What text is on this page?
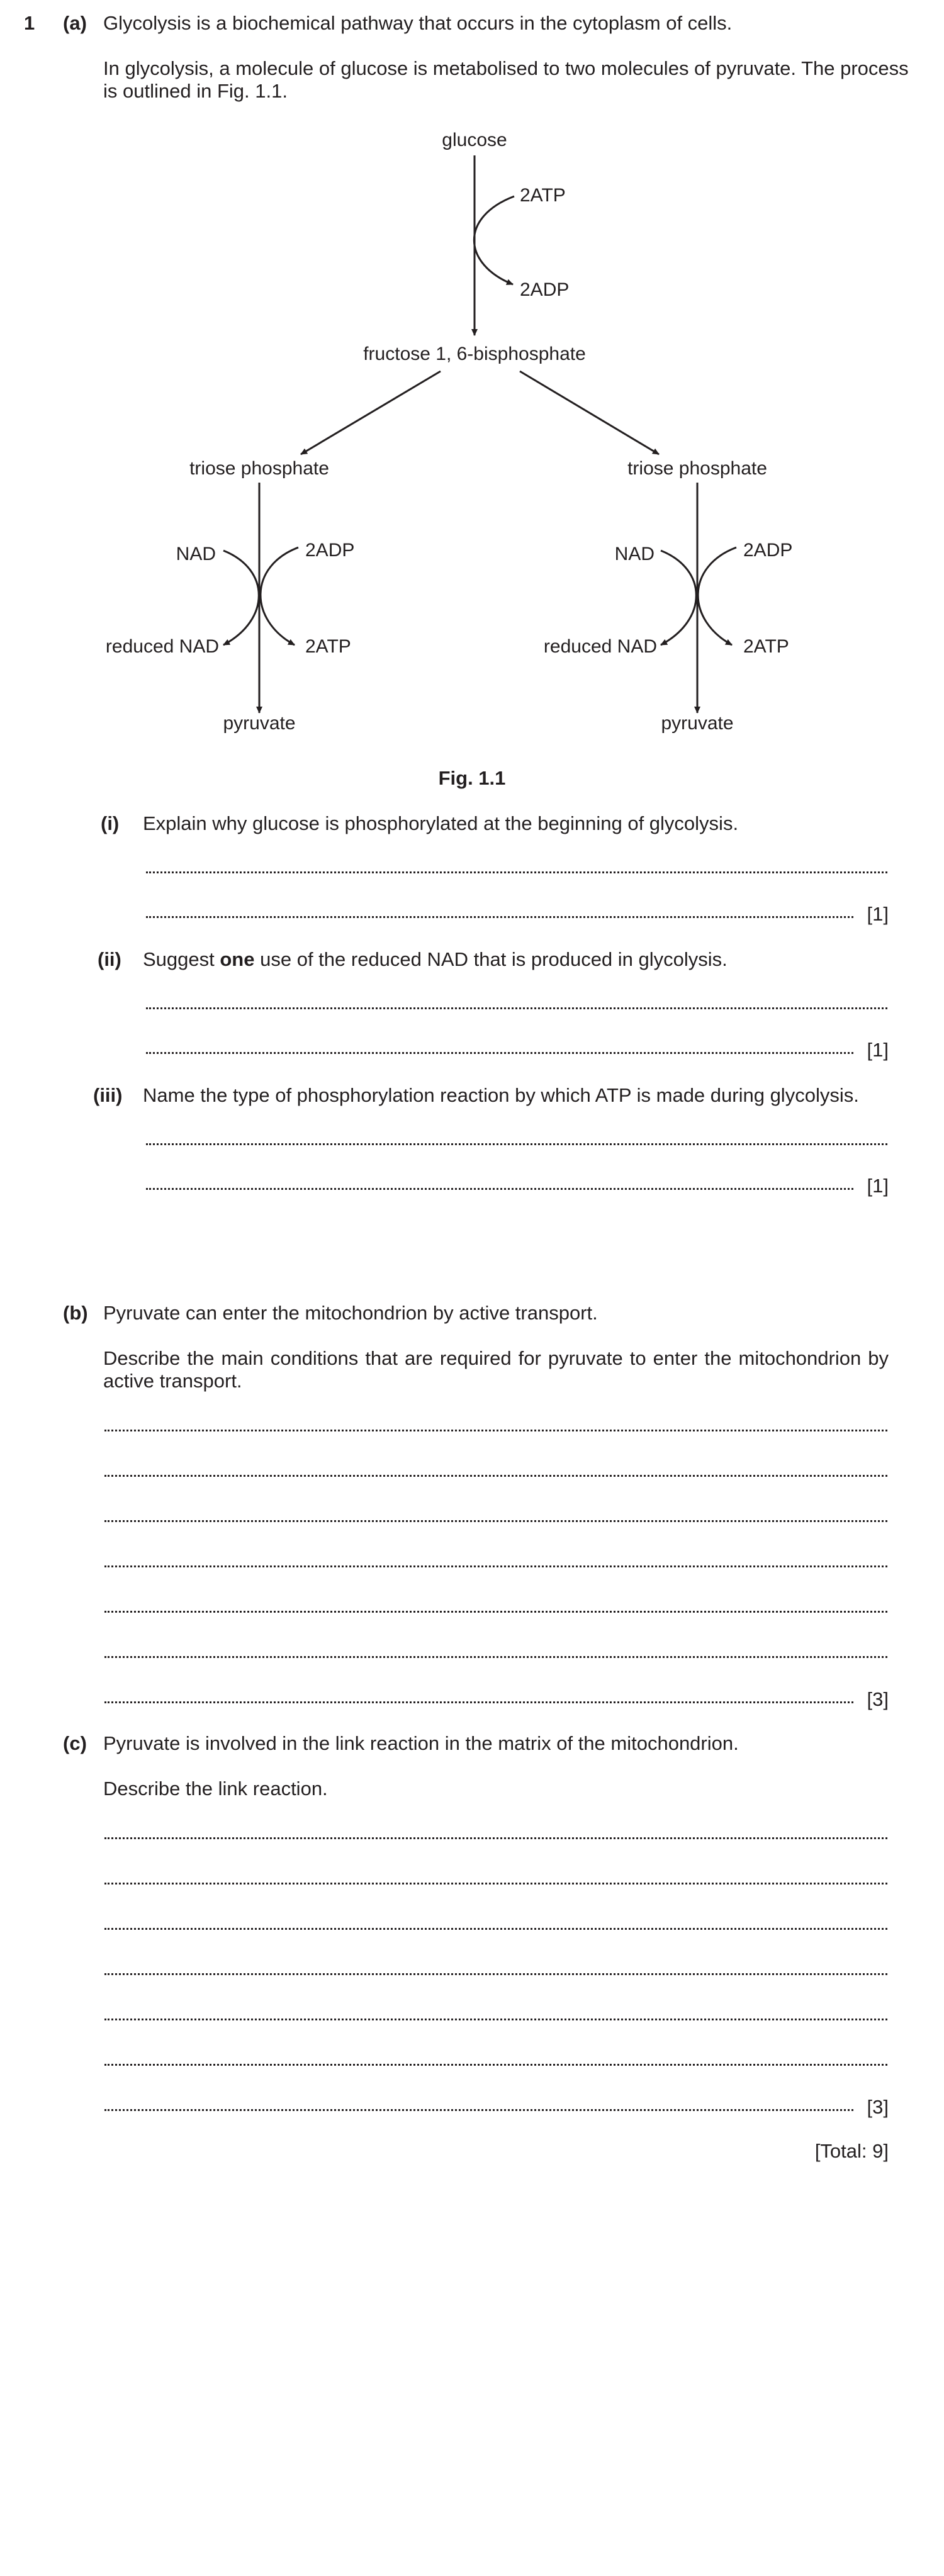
1 (a) Glycolysis is a biochemical pathway that occurs in the cytoplasm of cells.
In glycolysis, a molecule of glucose is metabolised to two molecules of pyruvate. The process
is outlined in Fig. 1.1.
glucose
2ATP
2ADP
fructose 1, 6-bisphosphate
triose phosphate
NAD	2ADP
reduced NAD	2ATP
pyruvate
triose phosphate
NAD	2ADP
reduced NAD	2ATP
pyruvate
Fig. 1.1
(i) Explain why glucose is phosphorylated at the beginning of glycolysis.
[1]
(ii) Suggest one use of the reduced NAD that is produced in glycolysis.
[1]
(iii) Name the type of phosphorylation reaction by which ATP is made during glycolysis.
[1]
(b) Pyruvate can enter the mitochondrion by active transport.
Describe the main conditions that are required for pyruvate to enter the mitochondrion by
active transport.
[3]
(c) Pyruvate is involved in the link reaction in the matrix of the mitochondrion.
Describe the link reaction.
[3]
[Total: 9]
